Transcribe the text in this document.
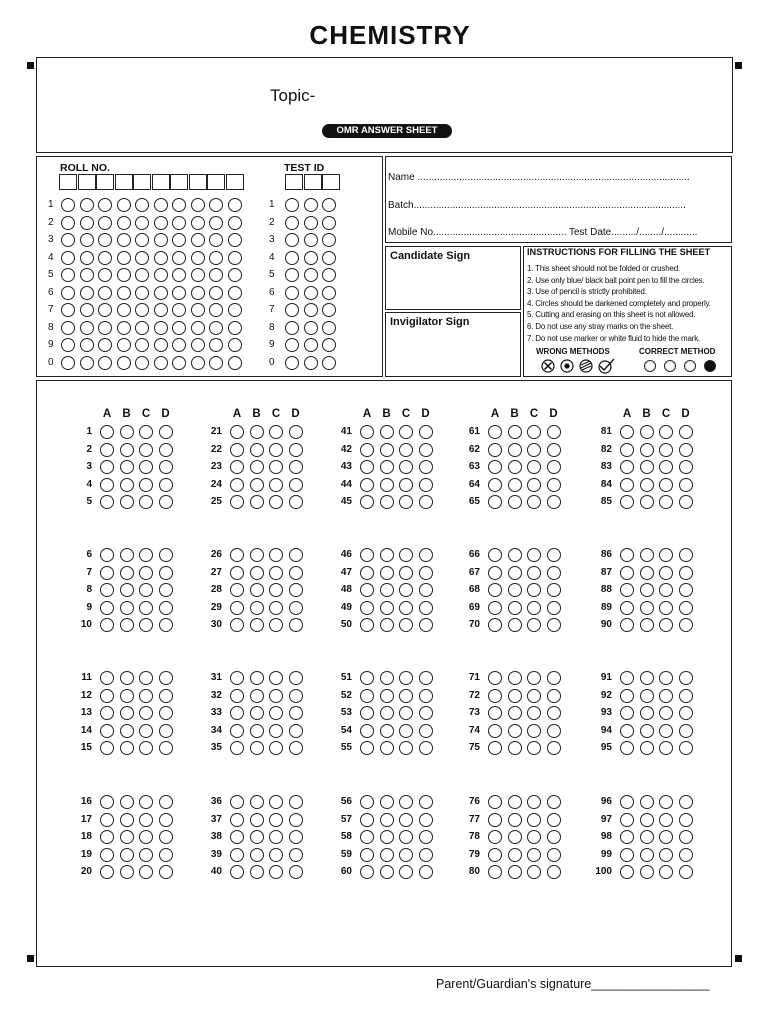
CHEMISTRY
Topic-
OMR ANSWER SHEET
ROLL NO.	TEST ID
1	1
2	2
3	3
4	4
5	5
6	6
7	7
8	8
9	9
0	0
Name ..................................................................................................
Batch..................................................................................................
Mobile No................................................ Test Date........./......../............
Candidate Sign
Invigilator Sign
INSTRUCTIONS FOR FILLING THE SHEET
1. This sheet should not be folded or crushed.
2. Use only blue/ black ball point pen to fill the circles.
3. Use of pencil is strictly prohibited.
4. Circles should be darkened completely and properly.
5. Cutting and erasing on this sheet is not allowed.
6. Do not use any stray marks on the sheet.
7. Do not use marker or white fluid to hide the mark.
WRONG METHODS	CORRECT METHOD
A B C D
1
2
3
4
5
6
7
8
9
10
11
12
13
14
15
16
17
18
19
20
A B C D
21
22
23
24
25
26
27
28
29
30
31
32
33
34
35
36
37
38
39
40
A B C D
41
42
43
44
45
46
47
48
49
50
51
52
53
54
55
56
57
58
59
60
A B C D
61
62
63
64
65
66
67
68
69
70
71
72
73
74
75
76
77
78
79
80
A B C D
81
82
83
84
85
86
87
88
89
90
91
92
93
94
95
96
97
98
99
100
Parent/Guardian's signature_________________
